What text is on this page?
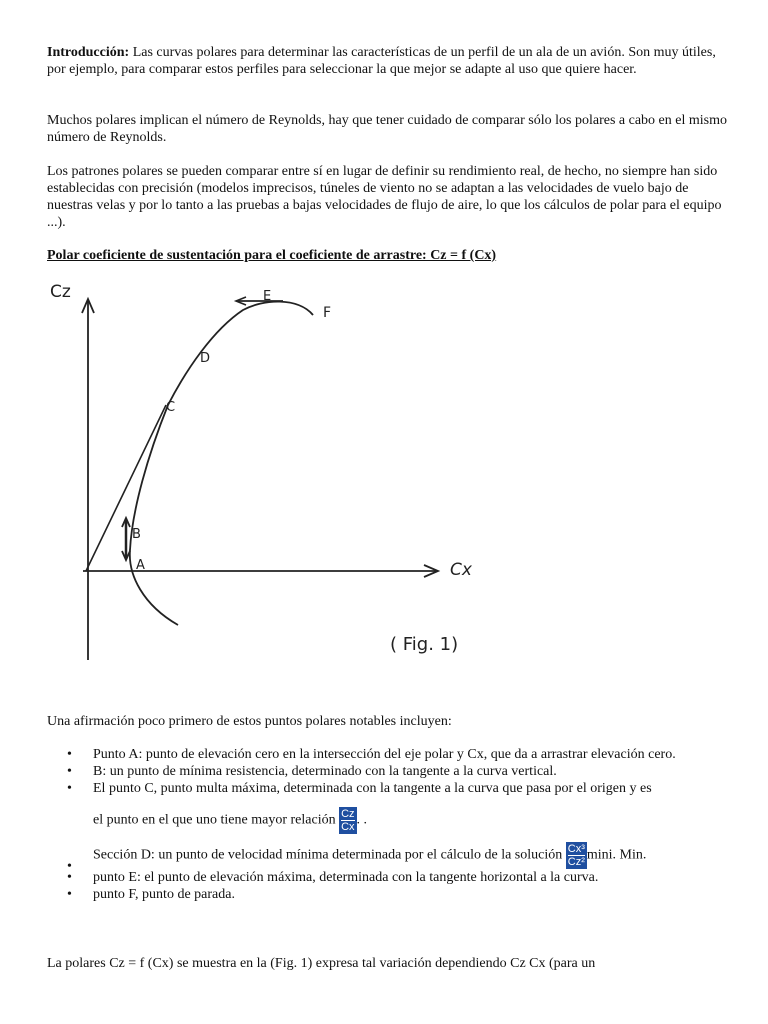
Introducción: Las curvas polares para determinar las características de un perfil de un ala de un avión. Son muy útiles, por ejemplo, para comparar estos perfiles para seleccionar la que mejor se adapte al uso que quiere hacer.

Muchos polares implican el número de Reynolds, hay que tener cuidado de comparar sólo los polares a cabo en el mismo número de Reynolds.

Los patrones polares se pueden comparar entre sí en lugar de definir su rendimiento real, de hecho, no siempre han sido establecidas con precisión (modelos imprecisos, túneles de viento no se adaptan a las velocidades de vuelo bajo de nuestras velas y por lo tanto a las pruebas a bajas velocidades de flujo de aire, lo que los cálculos de polar para el equipo ...).

Polar coeficiente de sustentación para el coeficiente de arrastre: Cz = f (Cx)

Cz
Cx
A
B
C
D
E
F
( Fig. 1)

Una afirmación poco primero de estos puntos polares notables incluyen:

• Punto A: punto de elevación cero en la intersección del eje polar y Cx, que da a arrastrar elevación cero.
• B: un punto de mínima resistencia, determinado con la tangente a la curva vertical.
• El punto C, punto multa máxima, determinada con la tangente a la curva que pasa por el origen y es
el punto en el que uno tiene mayor relación $\frac{Cz}{Cx}$ . .
•
Sección D: un punto de velocidad mínima determinada por el cálculo de la solución $\frac{\text{Cx³}}{\text{Cz²}} \min i$. Min.
• punto E: el punto de elevación máxima, determinada con la tangente horizontal a la curva.
• punto F, punto de parada.

La polares Cz = f (Cx) se muestra en la (Fig. 1) expresa tal variación dependiendo Cz Cx (para un
